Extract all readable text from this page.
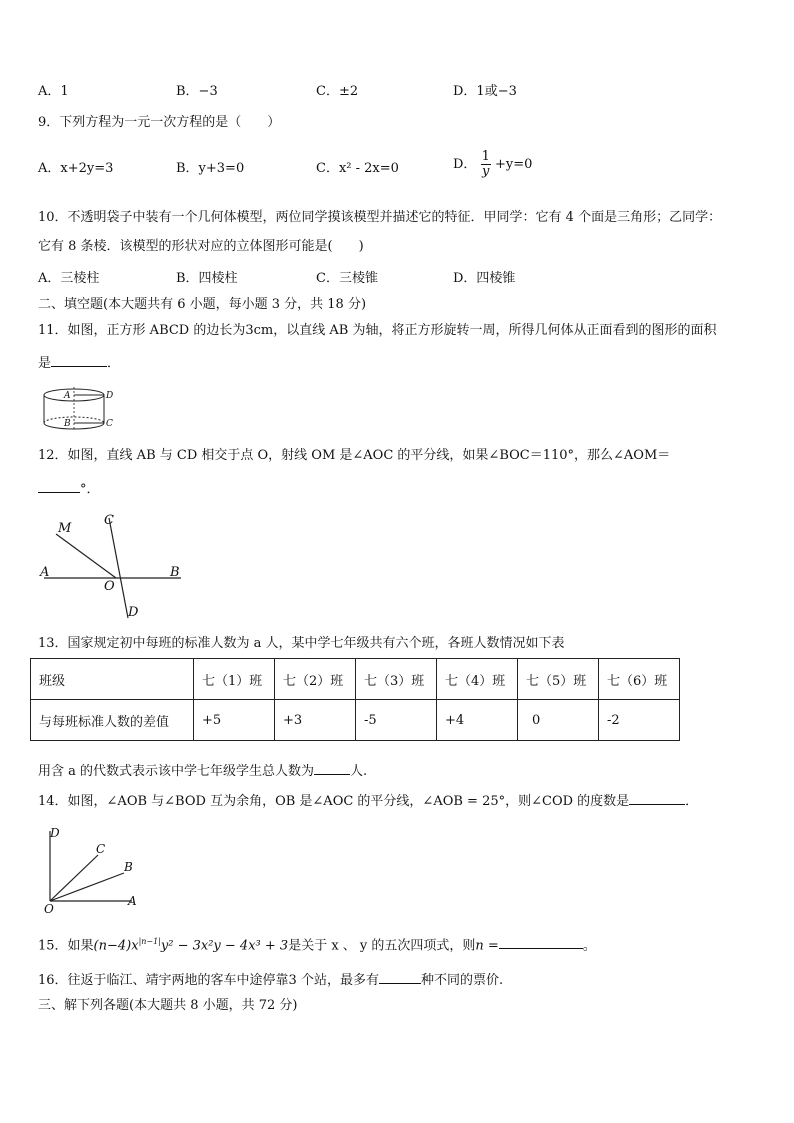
A．1	B．−3	C．±2	D．1或−3
9．下列方程为一元一次方程的是（　　）
A．x+2y=3	B．y+3=0	C．x² - 2x=0	D． $\frac{1}{y} +y=0$
10．不透明袋子中装有一个几何体模型，两位同学摸该模型并描述它的特征．甲同学：它有 4 个面是三角形；乙同学：
它有 8 条棱．该模型的形状对应的立体图形可能是(　　)
A．三棱柱	B．四棱柱	C．三棱锥	D．四棱锥
二、填空题(本大题共有 6 小题，每小题 3 分，共 18 分)
11．如图，正方形 ABCD 的边长为3cm，以直线 AB 为轴，将正方形旋转一周，所得几何体从正面看到的图形的面积
是	．
A
B
D
C
12．如图，直线 AB 与 CD 相交于点 O，射线 OM 是∠AOC 的平分线，如果∠BOC＝110°，那么∠AOM＝
°．
M
C
A
O
B
D
13．国家规定初中每班的标准人数为 a 人，某中学七年级共有六个班，各班人数情况如下表
班级	七（1）班	七（2）班	七（3）班	七（4）班	七（5）班	七（6）班
与每班标准人数的差值	+5	+3	-5	+4	0	-2
用含 a 的代数式表示该中学七年级学生总人数为	人.
14．如图，∠AOB 与∠BOD 互为余角，OB 是∠AOC 的平分线，∠AOB = 25°，则∠COD 的度数是	．
D
C
B
A
O
15．如果$(n-4)x^{|n-1|}y^2 - 3x^2y - 4x^3 + 3$是关于 x 、 y 的五次四项式，则n =	。
16．往返于临江、靖宇两地的客车中途停靠3 个站，最多有	种不同的票价.
三、解下列各题(本大题共 8 小题，共 72 分)
